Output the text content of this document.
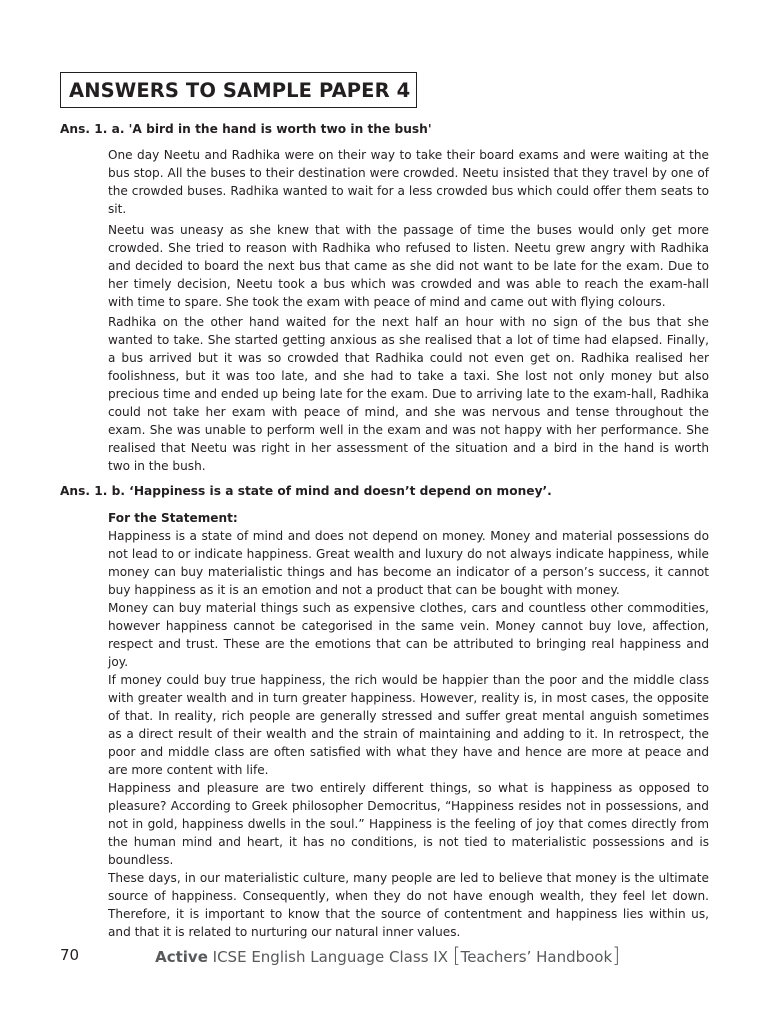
ANSWERS TO SAMPLE PAPER 4
Ans. 1. a. 'A bird in the hand is worth two in the bush'

One day Neetu and Radhika were on their way to take their board exams and were waiting at the bus stop. All the buses to their destination were crowded. Neetu insisted that they travel by one of the crowded buses. Radhika wanted to wait for a less crowded bus which could offer them seats to sit.

Neetu was uneasy as she knew that with the passage of time the buses would only get more crowded. She tried to reason with Radhika who refused to listen. Neetu grew angry with Radhika and decided to board the next bus that came as she did not want to be late for the exam. Due to her timely decision, Neetu took a bus which was crowded and was able to reach the exam-hall with time to spare. She took the exam with peace of mind and came out with flying colours.

Radhika on the other hand waited for the next half an hour with no sign of the bus that she wanted to take. She started getting anxious as she realised that a lot of time had elapsed. Finally, a bus arrived but it was so crowded that Radhika could not even get on. Radhika realised her foolishness, but it was too late, and she had to take a taxi. She lost not only money but also precious time and ended up being late for the exam. Due to arriving late to the exam-hall, Radhika could not take her exam with peace of mind, and she was nervous and tense throughout the exam. She was unable to perform well in the exam and was not happy with her performance. She realised that Neetu was right in her assessment of the situation and a bird in the hand is worth two in the bush.

Ans. 1. b. ‘Happiness is a state of mind and doesn’t depend on money’.

For the Statement:

Happiness is a state of mind and does not depend on money. Money and material possessions do not lead to or indicate happiness. Great wealth and luxury do not always indicate happiness, while money can buy materialistic things and has become an indicator of a person’s success, it cannot buy happiness as it is an emotion and not a product that can be bought with money.

Money can buy material things such as expensive clothes, cars and countless other commodities, however happiness cannot be categorised in the same vein. Money cannot buy love, affection, respect and trust. These are the emotions that can be attributed to bringing real happiness and joy.

If money could buy true happiness, the rich would be happier than the poor and the middle class with greater wealth and in turn greater happiness. However, reality is, in most cases, the opposite of that. In reality, rich people are generally stressed and suffer great mental anguish sometimes as a direct result of their wealth and the strain of maintaining and adding to it. In retrospect, the poor and middle class are often satisfied with what they have and hence are more at peace and are more content with life.

Happiness and pleasure are two entirely different things, so what is happiness as opposed to pleasure? According to Greek philosopher Democritus, “Happiness resides not in possessions, and not in gold, happiness dwells in the soul.” Happiness is the feeling of joy that comes directly from the human mind and heart, it has no conditions, is not tied to materialistic possessions and is boundless.

These days, in our materialistic culture, many people are led to believe that money is the ultimate source of happiness. Consequently, when they do not have enough wealth, they feel let down. Therefore, it is important to know that the source of contentment and happiness lies within us, and that it is related to nurturing our natural inner values.

70	Active ICSE English Language Class IX [Teachers’ Handbook]
